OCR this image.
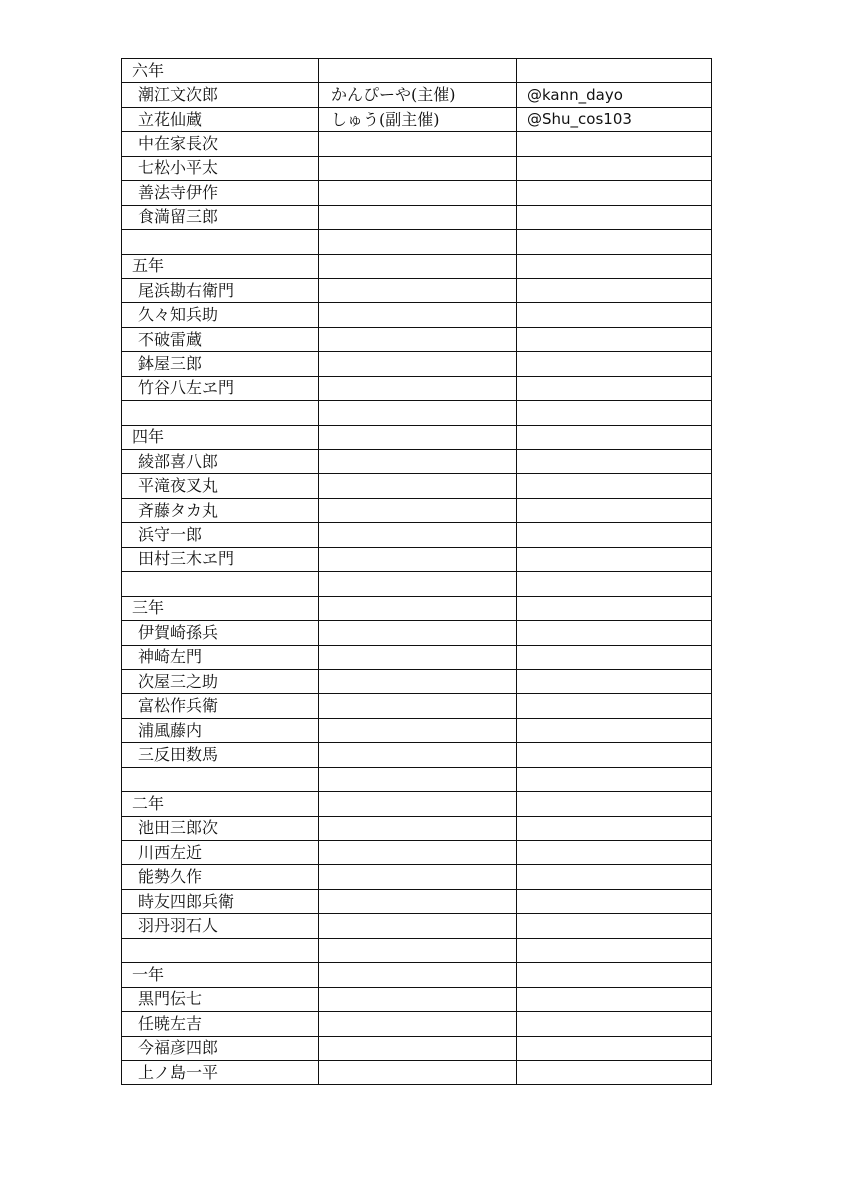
六年		
潮江文次郎	かんぴーや(主催)	@kann_dayo
立花仙蔵	しゅう(副主催)	@Shu_cos103
中在家長次		
七松小平太		
善法寺伊作		
食満留三郎		

五年		
尾浜勘右衛門		
久々知兵助		
不破雷蔵		
鉢屋三郎		
竹谷八左ヱ門		

四年		
綾部喜八郎		
平滝夜叉丸		
斉藤タカ丸		
浜守一郎		
田村三木ヱ門		

三年		
伊賀崎孫兵		
神崎左門		
次屋三之助		
富松作兵衛		
浦風藤内		
三反田数馬		

二年		
池田三郎次		
川西左近		
能勢久作		
時友四郎兵衛		
羽丹羽石人		

一年		
黒門伝七		
任暁左吉		
今福彦四郎		
上ノ島一平		
